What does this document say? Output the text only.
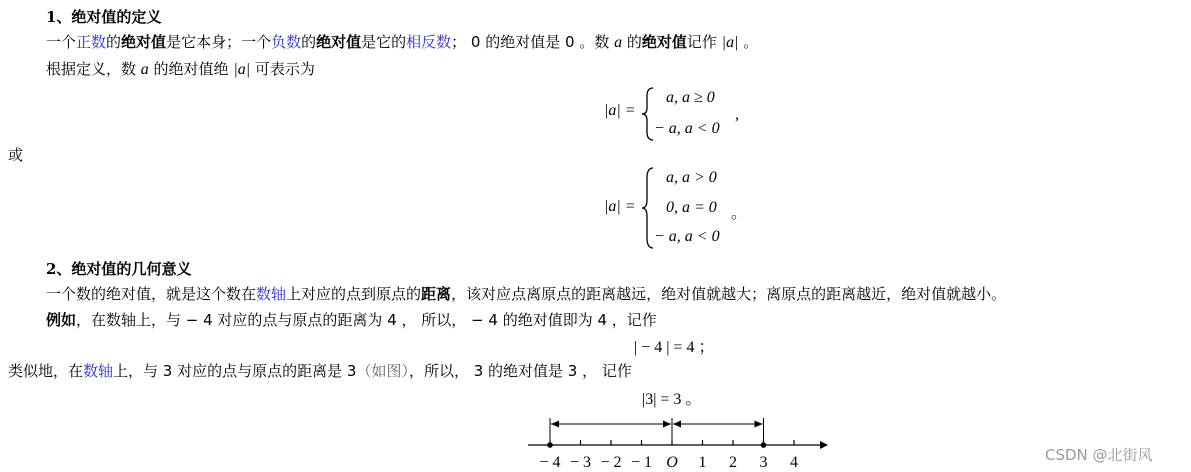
1、绝对值的定义
一个正数的绝对值是它本身；一个负数的绝对值是它的相反数； 0 的绝对值是 0 。数 a 的绝对值记作 |a| 。
根据定义，数 a 的绝对值绝 |a| 可表示为
|a| =
a, a ≥ 0
− a, a < 0
,
或
|a| =
a, a > 0
0, a = 0
− a, a < 0
。
2、绝对值的几何意义
一个数的绝对值，就是这个数在数轴上对应的点到原点的距离，该对应点离原点的距离越远，绝对值就越大；离原点的距离越近，绝对值就越小。
例如，在数轴上，与 − 4 对应的点与原点的距离为 4 ， 所以， − 4 的绝对值即为 4 ，记作
| − 4 | = 4 ；
类似地，在数轴上，与 3 对应的点与原点的距离是 3（如图），所以， 3 的绝对值是 3 ， 记作
|3| = 3 。
− 4 − 3 − 2 − 1 O 1 2 3 4	CSDN @北街风
